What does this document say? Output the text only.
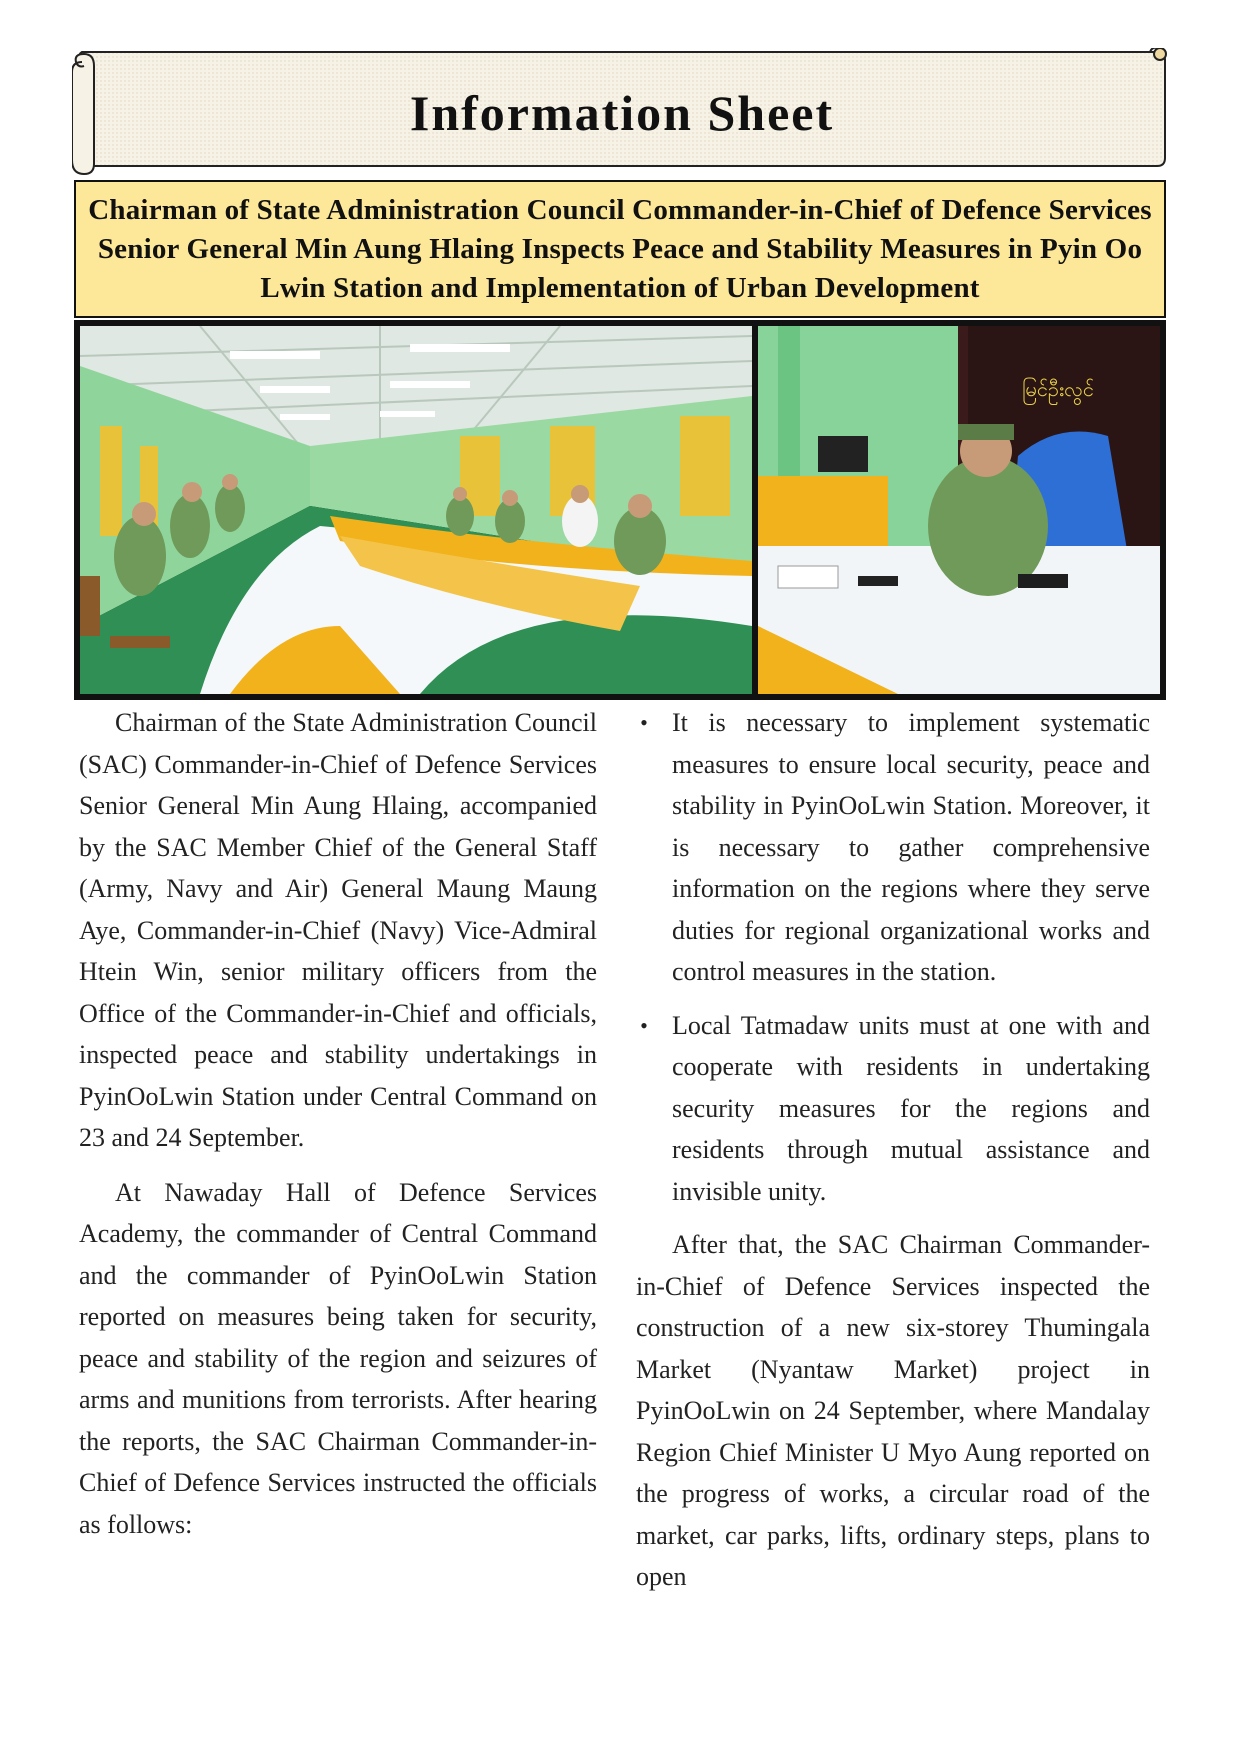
Information Sheet
Chairman of State Administration Council Commander-in-Chief of Defence Services Senior General Min Aung Hlaing Inspects Peace and Stability Measures in Pyin Oo Lwin Station and Implementation of Urban Development
မြင်ဦးလွင်

Chairman of the State Administration Council (SAC) Commander-in-Chief of Defence Services Senior General Min Aung Hlaing, accompanied by the SAC Member Chief of the General Staff (Army, Navy and Air) General Maung Maung Aye, Commander-in-Chief (Navy) Vice-Admiral Htein Win, senior military officers from the Office of the Commander-in-Chief and officials, inspected peace and stability undertakings in PyinOoLwin Station under Central Command on 23 and 24 September.

At Nawaday Hall of Defence Services Academy, the commander of Central Command and the commander of PyinOoLwin Station reported on measures being taken for security, peace and stability of the region and seizures of arms and munitions from terrorists. After hearing the reports, the SAC Chairman Commander-in-Chief of Defence Services instructed the officials as follows:

• It is necessary to implement systematic measures to ensure local security, peace and stability in PyinOoLwin Station. Moreover, it is necessary to gather comprehensive information on the regions where they serve duties for regional organizational works and control measures in the station.
• Local Tatmadaw units must at one with and cooperate with residents in undertaking security measures for the regions and residents through mutual assistance and invisible unity.

After that, the SAC Chairman Commander-in-Chief of Defence Services inspected the construction of a new six-storey Thumingala Market (Nyantaw Market) project in PyinOoLwin on 24 September, where Mandalay Region Chief Minister U Myo Aung reported on the progress of works, a circular road of the market, car parks, lifts, ordinary steps, plans to open
